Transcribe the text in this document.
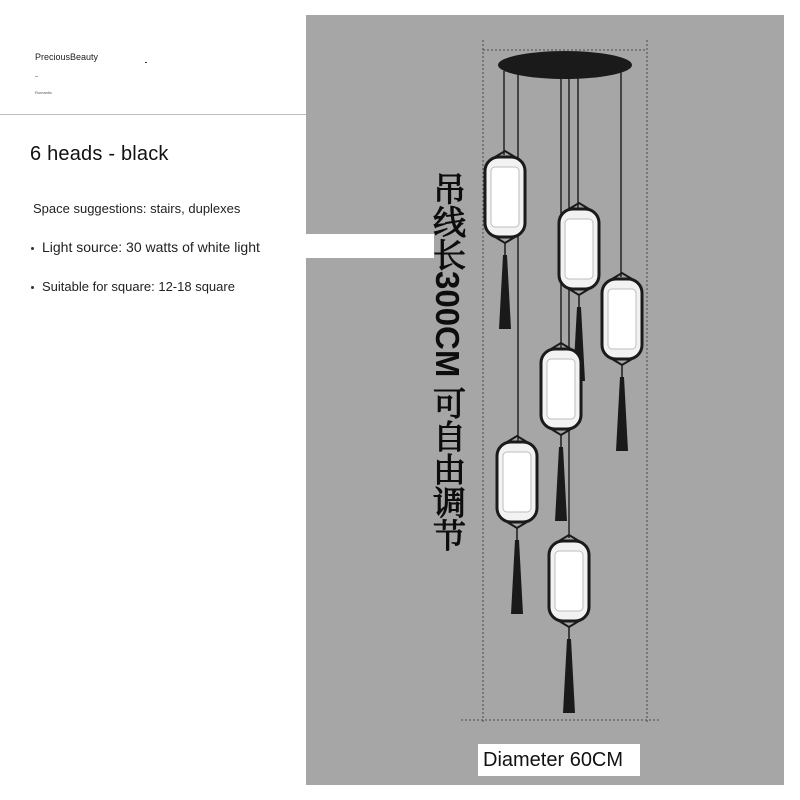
PreciousBeauty
Romantic
6 heads - black
Space suggestions: stairs, duplexes
Light source: 30 watts of white light
Suitable for square: 12-18 square	吊线长300CM 可自由调节
Diameter 60CM
